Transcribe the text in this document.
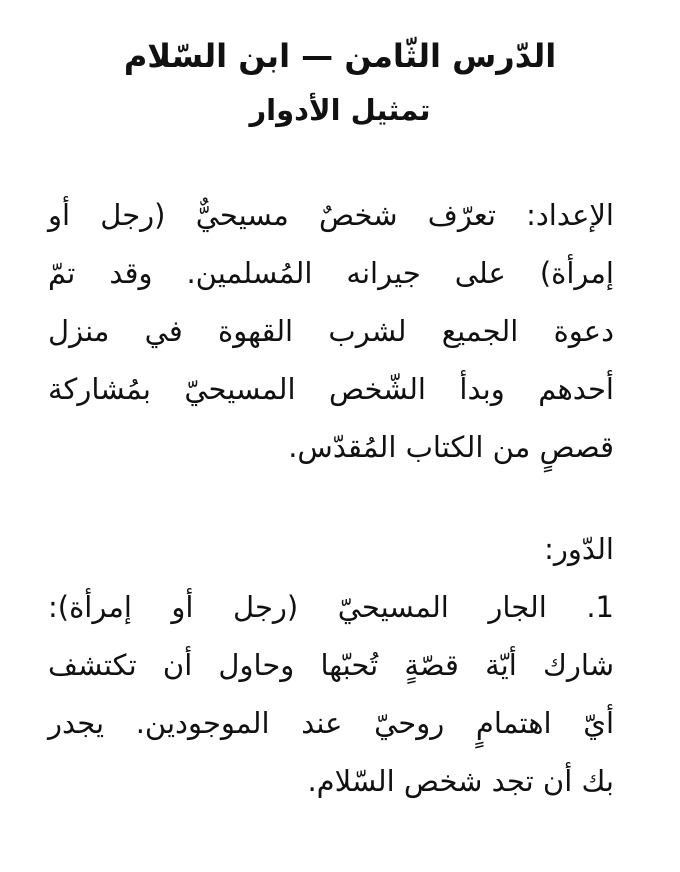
الدّرس الثّامن — ابن السّلام
تمثيل الأدوار

الإعداد: تعرّف شخصٌ مسيحيٌّ (رجل أو
إمرأة) على جيرانه المُسلمين. وقد تمّ
دعوة الجميع لشرب القهوة في منزل
أحدهم وبدأ الشّخص المسيحيّ بمُشاركة
قصصٍ من الكتاب المُقدّس.

الدّور:
1. الجار المسيحيّ (رجل أو إمرأة):
شارك أيّة قصّةٍ تُحبّها وحاول أن تكتشف
أيّ اهتمامٍ روحيّ عند الموجودين. يجدر
بك أن تجد شخص السّلام.
